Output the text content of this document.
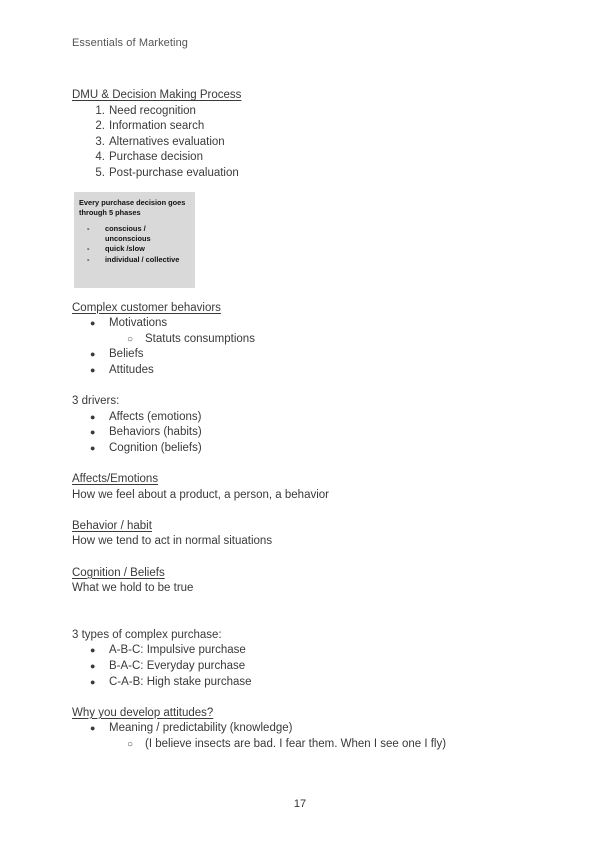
Essentials of Marketing
DMU & Decision Making Process
1. Need recognition
2. Information search
3. Alternatives evaluation
4. Purchase decision
5. Post-purchase evaluation
Every purchase decision goes through 5 phases
- conscious / unconscious
- quick /slow
- individual / collective
Complex customer behaviors
● Motivations
○ Statuts consumptions
● Beliefs
● Attitudes
3 drivers:
● Affects (emotions)
● Behaviors (habits)
● Cognition (beliefs)
Affects/Emotions
How we feel about a product, a person, a behavior
Behavior / habit
How we tend to act in normal situations
Cognition / Beliefs
What we hold to be true
3 types of complex purchase:
● A-B-C: Impulsive purchase
● B-A-C: Everyday purchase
● C-A-B: High stake purchase
Why you develop attitudes?
● Meaning / predictability (knowledge)
○ (I believe insects are bad. I fear them. When I see one I fly)
17
